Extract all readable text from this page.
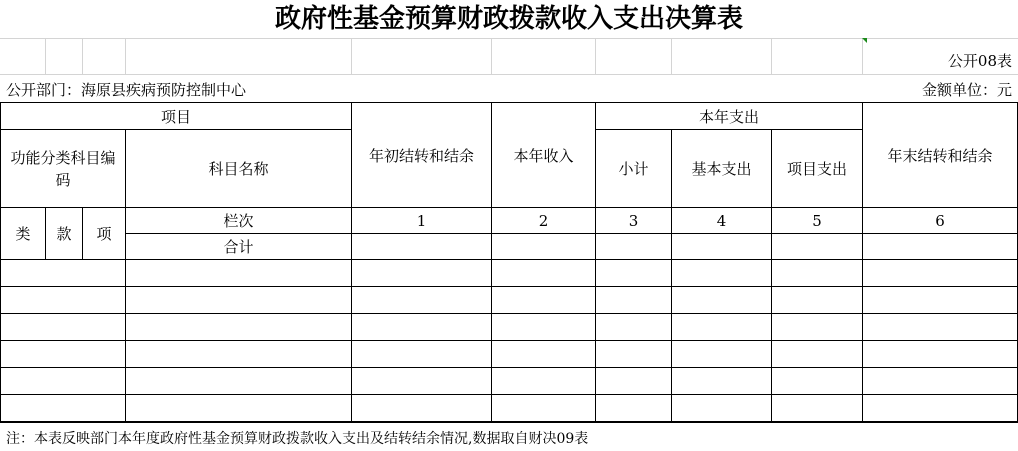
政府性基金预算财政拨款收入支出决算表
公开08表
公开部门：海原县疾病预防控制中心	金额单位：元
项目				年初结转和结余	本年收入	本年支出			年末结转和结余
功能分类科目编码			科目名称			小计	基本支出	项目支出	
类	款	项	栏次	1	2	3	4	5	6
			合计						

注：本表反映部门本年度政府性基金预算财政拨款收入支出及结转结余情况,数据取自财决09表
